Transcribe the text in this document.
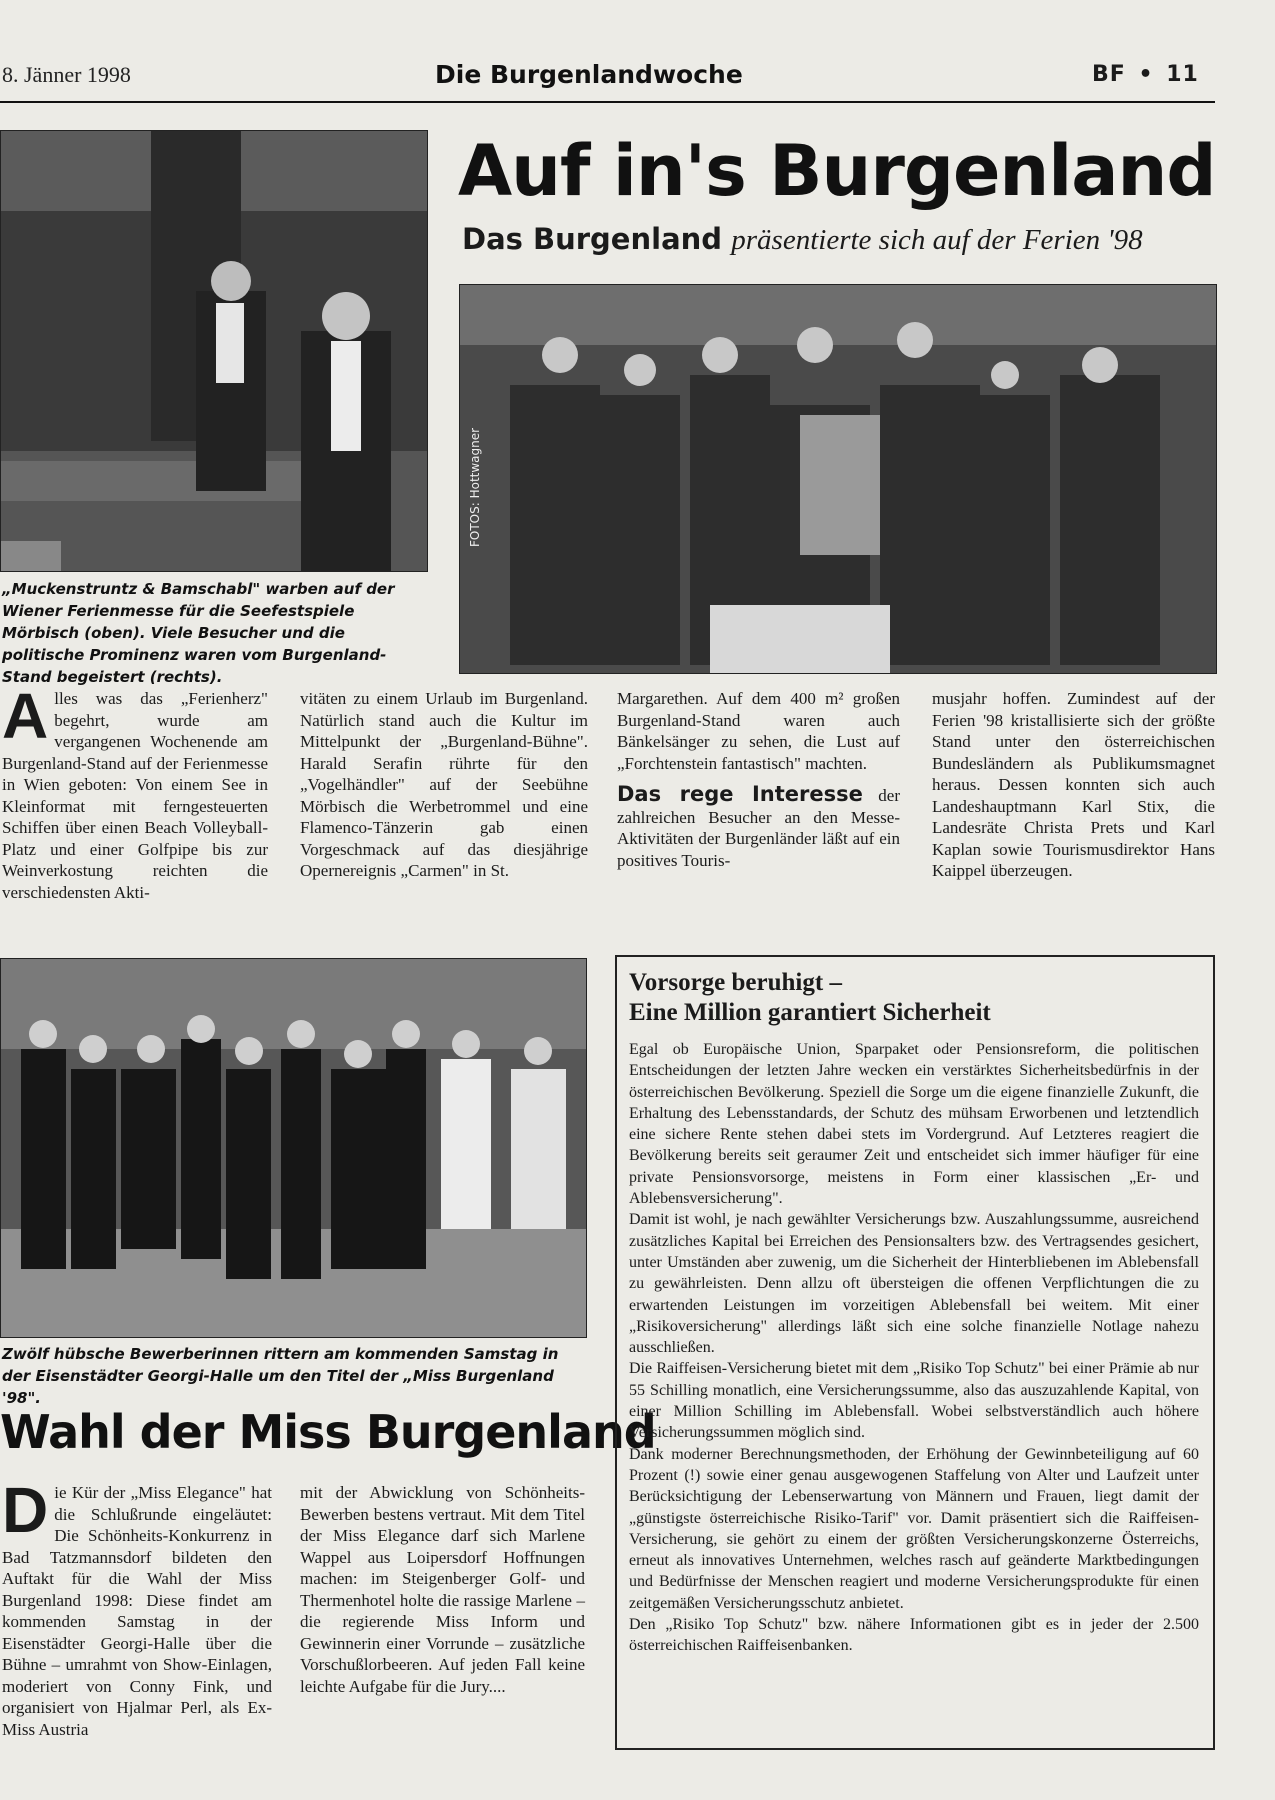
8. Jänner 1998	Die Burgenlandwoche	BF • 11
„Muckenstruntz & Bamschabl" warben auf der Wiener Ferienmesse für die Seefestspiele Mörbisch (oben). Viele Besucher und die politische Prominenz waren vom Burgenland-Stand begeistert (rechts).
Auf in's Burgenland
Das Burgenland präsentierte sich auf der Ferien '98
FOTOS: Hottwagner

Alles was das „Ferienherz" begehrt, wurde am vergangenen Wochenende am Burgenland-Stand auf der Ferienmesse in Wien geboten: Von einem See in Kleinformat mit ferngesteuerten Schiffen über einen Beach Volleyball-Platz und einer Golfpipe bis zur Weinverkostung reichten die verschiedensten Akti-

vitäten zu einem Urlaub im Burgenland. Natürlich stand auch die Kultur im Mittelpunkt der „Burgenland-Bühne". Harald Serafin rührte für den „Vogelhändler" auf der Seebühne Mörbisch die Werbetrommel und eine Flamenco-Tänzerin gab einen Vorgeschmack auf das diesjährige Opernereignis „Carmen" in St.

Margarethen. Auf dem 400 m² großen Burgenland-Stand waren auch Bänkelsänger zu sehen, die Lust auf „Forchtenstein fantastisch" machten.

Das rege Interesse der zahlreichen Besucher an den Messe-Aktivitäten der Burgenländer läßt auf ein positives Touris-

musjahr hoffen. Zumindest auf der Ferien '98 kristallisierte sich der größte Stand unter den österreichischen Bundesländern als Publikumsmagnet heraus. Dessen konnten sich auch Landeshauptmann Karl Stix, die Landesräte Christa Prets und Karl Kaplan sowie Tourismusdirektor Hans Kaippel überzeugen.

Zwölf hübsche Bewerberinnen rittern am kommenden Samstag in der Eisenstädter Georgi-Halle um den Titel der „Miss Burgenland '98".
Wahl der Miss Burgenland

Die Kür der „Miss Elegance" hat die Schlußrunde eingeläutet: Die Schönheits-Konkurrenz in Bad Tatzmannsdorf bildeten den Auftakt für die Wahl der Miss Burgenland 1998: Diese findet am kommenden Samstag in der Eisenstädter Georgi-Halle über die Bühne – umrahmt von Show-Einlagen, moderiert von Conny Fink, und organisiert von Hjalmar Perl, als Ex-Miss Austria

mit der Abwicklung von Schönheits-Bewerben bestens vertraut. Mit dem Titel der Miss Elegance darf sich Marlene Wappel aus Loipersdorf Hoffnungen machen: im Steigenberger Golf- und Thermenhotel holte die rassige Marlene – die regierende Miss Inform und Gewinnerin einer Vorrunde – zusätzliche Vorschußlorbeeren. Auf jeden Fall keine leichte Aufgabe für die Jury....

Vorsorge beruhigt –
Eine Million garantiert Sicherheit

Egal ob Europäische Union, Sparpaket oder Pensionsreform, die politischen Entscheidungen der letzten Jahre wecken ein verstärktes Sicherheitsbedürfnis in der österreichischen Bevölkerung. Speziell die Sorge um die eigene finanzielle Zukunft, die Erhaltung des Lebensstandards, der Schutz des mühsam Erworbenen und letztendlich eine sichere Rente stehen dabei stets im Vordergrund. Auf Letzteres reagiert die Bevölkerung bereits seit geraumer Zeit und entscheidet sich immer häufiger für eine private Pensionsvorsorge, meistens in Form einer klassischen „Er- und Ablebensversicherung".

Damit ist wohl, je nach gewählter Versicherungs bzw. Auszahlungssumme, ausreichend zusätzliches Kapital bei Erreichen des Pensionsalters bzw. des Vertragsendes gesichert, unter Umständen aber zuwenig, um die Sicherheit der Hinterbliebenen im Ablebensfall zu gewährleisten. Denn allzu oft übersteigen die offenen Verpflichtungen die zu erwartenden Leistungen im vorzeitigen Ablebensfall bei weitem. Mit einer „Risikoversicherung" allerdings läßt sich eine solche finanzielle Notlage nahezu ausschließen.

Die Raiffeisen-Versicherung bietet mit dem „Risiko Top Schutz" bei einer Prämie ab nur 55 Schilling monatlich, eine Versicherungssumme, also das auszuzahlende Kapital, von einer Million Schilling im Ablebensfall. Wobei selbstverständlich auch höhere Versicherungssummen möglich sind.

Dank moderner Berechnungsmethoden, der Erhöhung der Gewinnbeteiligung auf 60 Prozent (!) sowie einer genau ausgewogenen Staffelung von Alter und Laufzeit unter Berücksichtigung der Lebenserwartung von Männern und Frauen, liegt damit der „günstigste österreichische Risiko-Tarif" vor. Damit präsentiert sich die Raiffeisen-Versicherung, sie gehört zu einem der größten Versicherungskonzerne Österreichs, erneut als innovatives Unternehmen, welches rasch auf geänderte Marktbedingungen und Bedürfnisse der Menschen reagiert und moderne Versicherungsprodukte für einen zeitgemäßen Versicherungsschutz anbietet.

Den „Risiko Top Schutz" bzw. nähere Informationen gibt es in jeder der 2.500 österreichischen Raiffeisenbanken.
